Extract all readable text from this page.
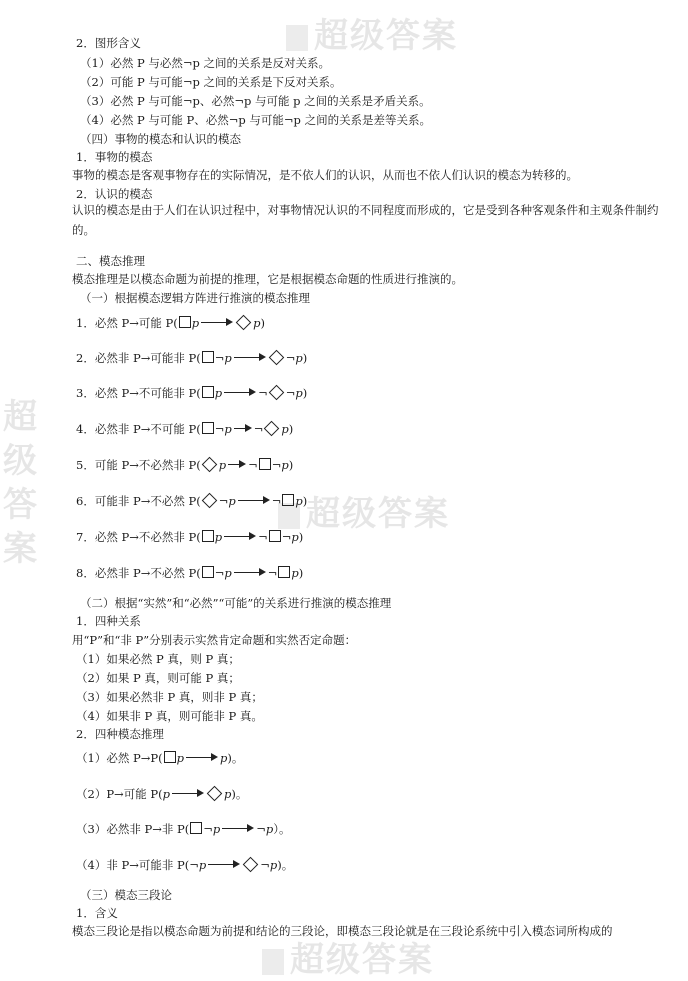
超级答案
超级答案
超级答案
超
级
答
案
2．图形含义
（1）必然 P 与必然¬p 之间的关系是反对关系。
（2）可能 P 与可能¬p 之间的关系是下反对关系。
（3）必然 P 与可能¬p、必然¬p 与可能 p 之间的关系是矛盾关系。
（4）必然 P 与可能 P、必然¬p 与可能¬p 之间的关系是差等关系。
（四）事物的模态和认识的模态
1．事物的模态
事物的模态是客观事物存在的实际情况，是不依人们的认识，从而也不依人们认识的模态为转移的。
2．认识的模态
认识的模态是由于人们在认识过程中，对事物情况认识的不同程度而形成的，它是受到各种客观条件和主观条件制约的。
二、模态推理
模态推理是以模态命题为前提的推理，它是根据模态命题的性质进行推演的。
（一）根据模态逻辑方阵进行推演的模态推理
1．必然 P→可能 P( p	p)
2．必然非 P→可能非 P( ¬p	¬p)
3．必然 P→不可能非 P( p	¬ ¬p)
4．必然非 P→不可能 P( ¬p ¬ p)
5．可能 P→不必然非 P( p ¬ ¬p)
6．可能非 P→不必然 P( ¬p	¬ p)
7．必然 P→不必然非 P( p	¬ ¬p)
8．必然非 P→不必然 P( ¬p	¬ p)
（二）根据“实然”和“必然”“可能”的关系进行推演的模态推理
1．四种关系
用“P”和“非 P”分别表示实然肯定命题和实然否定命题：
（1）如果必然 P 真，则 P 真；
（2）如果 P 真，则可能 P 真；
（3）如果必然非 P 真，则非 P 真；
（4）如果非 P 真，则可能非 P 真。
2．四种模态推理
（1）必然 P→P( p	p)。
（2）P→可能 P(p	p)。
（3）必然非 P→非 P( ¬p	¬p）。
（4）非 P→可能非 P(¬p	¬p)。
（三）模态三段论
1．含义
模态三段论是指以模态命题为前提和结论的三段论，即模态三段论就是在三段论系统中引入模态词所构成的
